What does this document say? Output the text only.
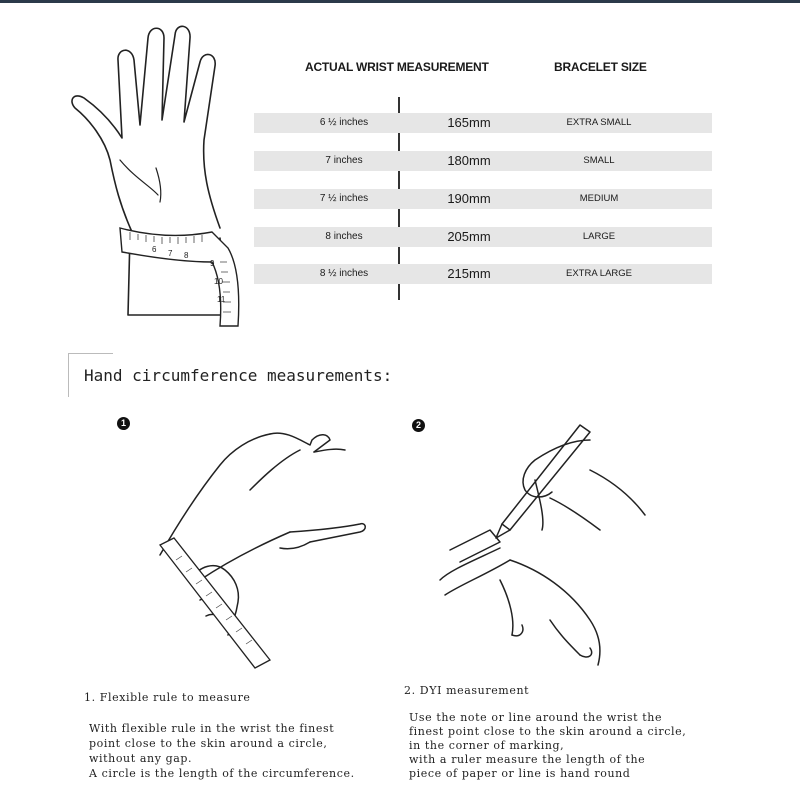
6 7 8
9
10
11
ACTUAL WRIST MEASUREMENT	BRACELET SIZE
6 ½ inches	165mm	EXTRA SMALL
7 inches	180mm	SMALL
7 ½ inches	190mm	MEDIUM
8 inches	205mm	LARGE
8 ½ inches	215mm	EXTRA LARGE
Hand circumference measurements:
1	2
1. Flexible rule to measure
With flexible rule in the wrist the finest
point close to the skin around a circle,
without any gap.
A circle is the length of the circumference.
2. DYI measurement
Use the note or line around the wrist the
finest point close to the skin around a circle,
in the corner of marking,
with a ruler measure the length of the
piece of paper or line is hand round
